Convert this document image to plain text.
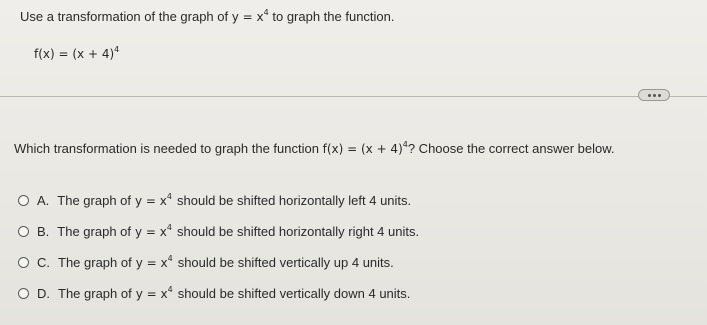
Use a transformation of the graph of $y = x^4$ to graph the function.
$f(x) = (x + 4)^4$
Which transformation is needed to graph the function $f(x) = (x + 4)^4$? Choose the correct answer below.
A. The graph of $y = x^4$ should be shifted horizontally left 4 units.
B. The graph of $y = x^4$ should be shifted horizontally right 4 units.
C. The graph of $y = x^4$ should be shifted vertically up 4 units.
D. The graph of $y = x^4$ should be shifted vertically down 4 units.
